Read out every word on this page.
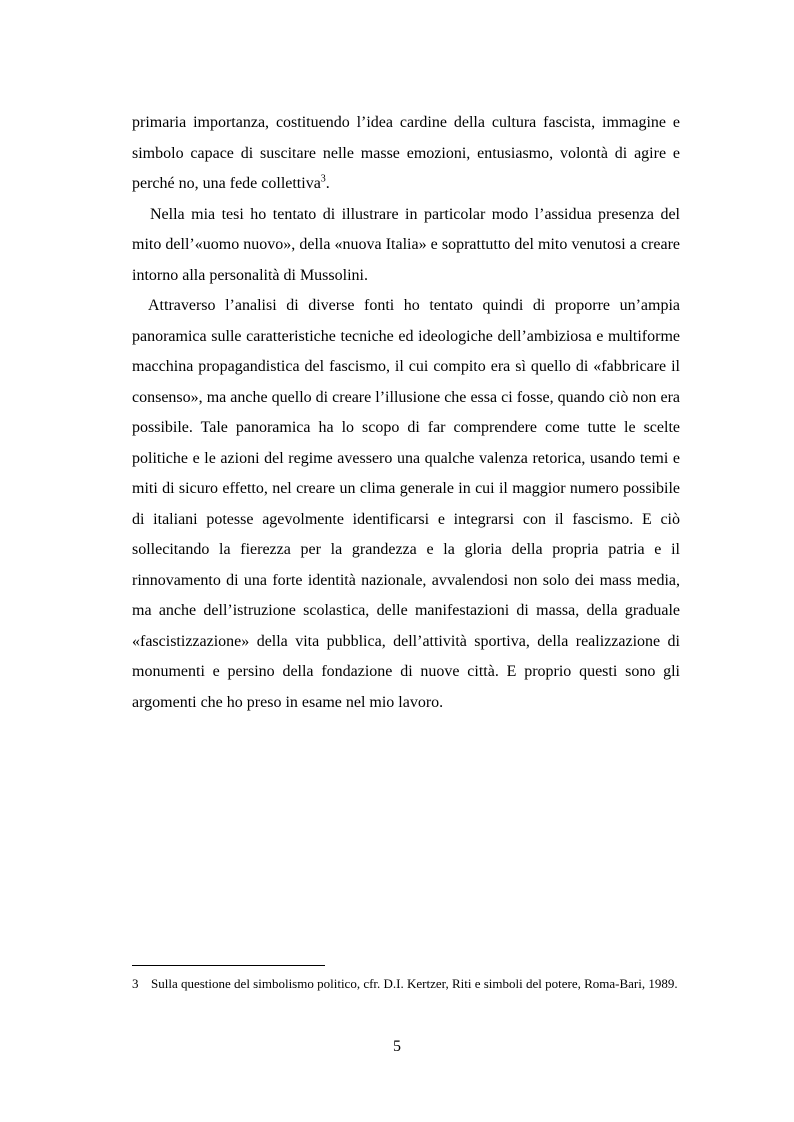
primaria importanza, costituendo l’idea cardine della cultura fascista, immagine e simbolo capace di suscitare nelle masse emozioni, entusiasmo, volontà di agire e perché no, una fede collettiva$^3$.

Nella mia tesi ho tentato di illustrare in particolar modo l’assidua presenza del mito dell’«uomo nuovo», della «nuova Italia» e soprattutto del mito venutosi a creare intorno alla personalità di Mussolini.

Attraverso l’analisi di diverse fonti ho tentato quindi di proporre un’ampia panoramica sulle caratteristiche tecniche ed ideologiche dell’ambiziosa e multiforme macchina propagandistica del fascismo, il cui compito era sì quello di «fabbricare il consenso», ma anche quello di creare l’illusione che essa ci fosse, quando ciò non era possibile. Tale panoramica ha lo scopo di far comprendere come tutte le scelte politiche e le azioni del regime avessero una qualche valenza retorica, usando temi e miti di sicuro effetto, nel creare un clima generale in cui il maggior numero possibile di italiani potesse agevolmente identificarsi e integrarsi con il fascismo. E ciò sollecitando la fierezza per la grandezza e la gloria della propria patria e il rinnovamento di una forte identità nazionale, avvalendosi non solo dei mass media, ma anche dell’istruzione scolastica, delle manifestazioni di massa, della graduale «fascistizzazione» della vita pubblica, dell’attività sportiva, della realizzazione di monumenti e persino della fondazione di nuove città. E proprio questi sono gli argomenti che ho preso in esame nel mio lavoro.

3 Sulla questione del simbolismo politico, cfr. D.I. Kertzer, Riti e simboli del potere, Roma-Bari, 1989.
5
